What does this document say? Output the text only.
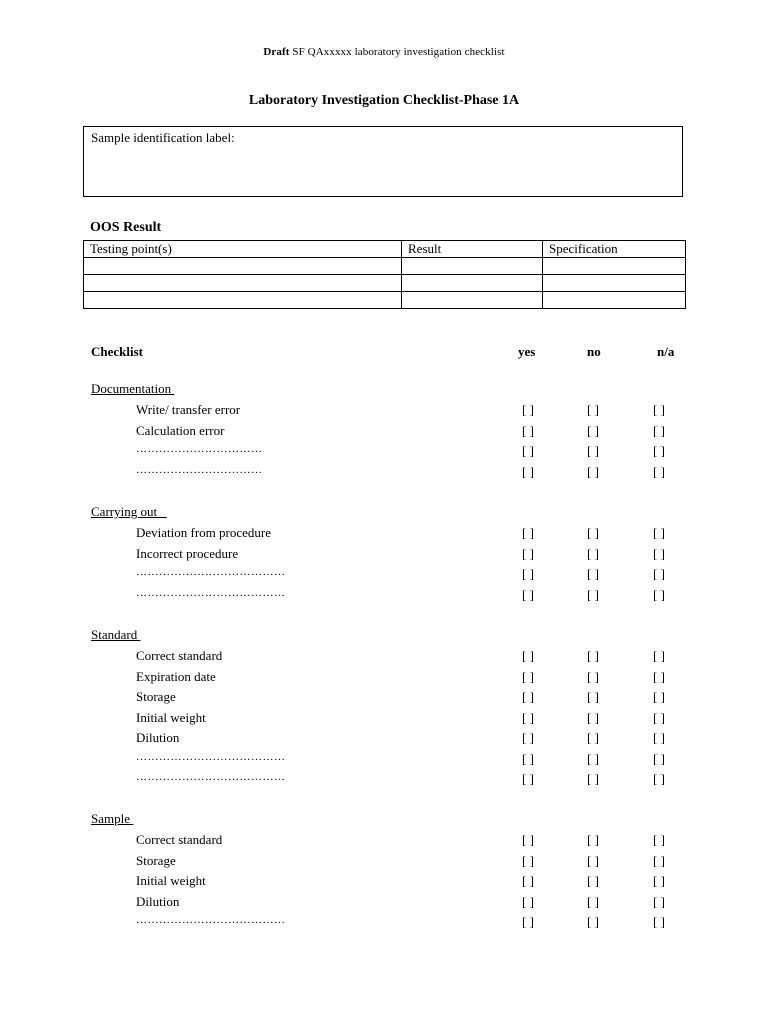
Draft SF QAxxxxx laboratory investigation checklist
Laboratory Investigation Checklist-Phase 1A
Sample identification label:
OOS Result
Testing point(s)	Result	Specification

Checklist	yes	no	n/a
Documentation
Write/ transfer error	[ ]	[ ]	[ ]
Calculation error	[ ]	[ ]	[ ]
……………………………	[ ]	[ ]	[ ]
……………………………	[ ]	[ ]	[ ]
Carrying out
Deviation from procedure	[ ]	[ ]	[ ]
Incorrect procedure	[ ]	[ ]	[ ]
…………………………………	[ ]	[ ]	[ ]
…………………………………	[ ]	[ ]	[ ]
Standard
Correct standard	[ ]	[ ]	[ ]
Expiration date	[ ]	[ ]	[ ]
Storage	[ ]	[ ]	[ ]
Initial weight	[ ]	[ ]	[ ]
Dilution	[ ]	[ ]	[ ]
…………………………………	[ ]	[ ]	[ ]
…………………………………	[ ]	[ ]	[ ]
Sample
Correct standard	[ ]	[ ]	[ ]
Storage	[ ]	[ ]	[ ]
Initial weight	[ ]	[ ]	[ ]
Dilution	[ ]	[ ]	[ ]
…………………………………	[ ]	[ ]	[ ]
